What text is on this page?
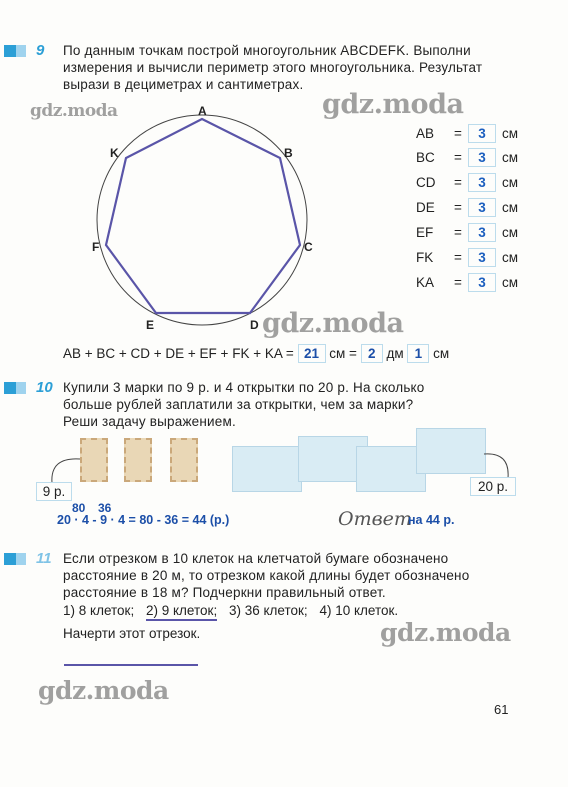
9 По данным точкам построй многоугольник ABCDEFK. Выполни
измерения и вычисли периметр этого многоугольника. Результат
вырази в дециметрах и сантиметрах.
A
B
C
D
E
F
K
AB	=	3	см
BC	=	3	см
CD	=	3	см
DE	=	3	см
EF	=	3	см
FK	=	3	см
KA	=	3	см
AB + BC + CD + DE + EF + FK + KA = 21 см = 2 дм 1 см
10 Купили 3 марки по 9 р. и 4 открытки по 20 р. На сколько
больше рублей заплатили за открытки, чем за марки?
Реши задачу выражением.
9 р.	20 р.
80 36
20 · 4 - 9 · 4 = 80 - 36 = 44 (р.)	Ответ
на 44 р.
11 Если отрезком в 10 клеток на клетчатой бумаге обозначено
расстояние в 20 м, то отрезком какой длины будет обозначено
расстояние в 18 м? Подчеркни правильный ответ.
1) 8 клеток; 2) 9 клеток; 3) 36 клеток; 4) 10 клеток.
Начерти этот отрезок.
gdz.moda	gdz.moda
gdz.moda
gdz.moda
gdz.moda
61
